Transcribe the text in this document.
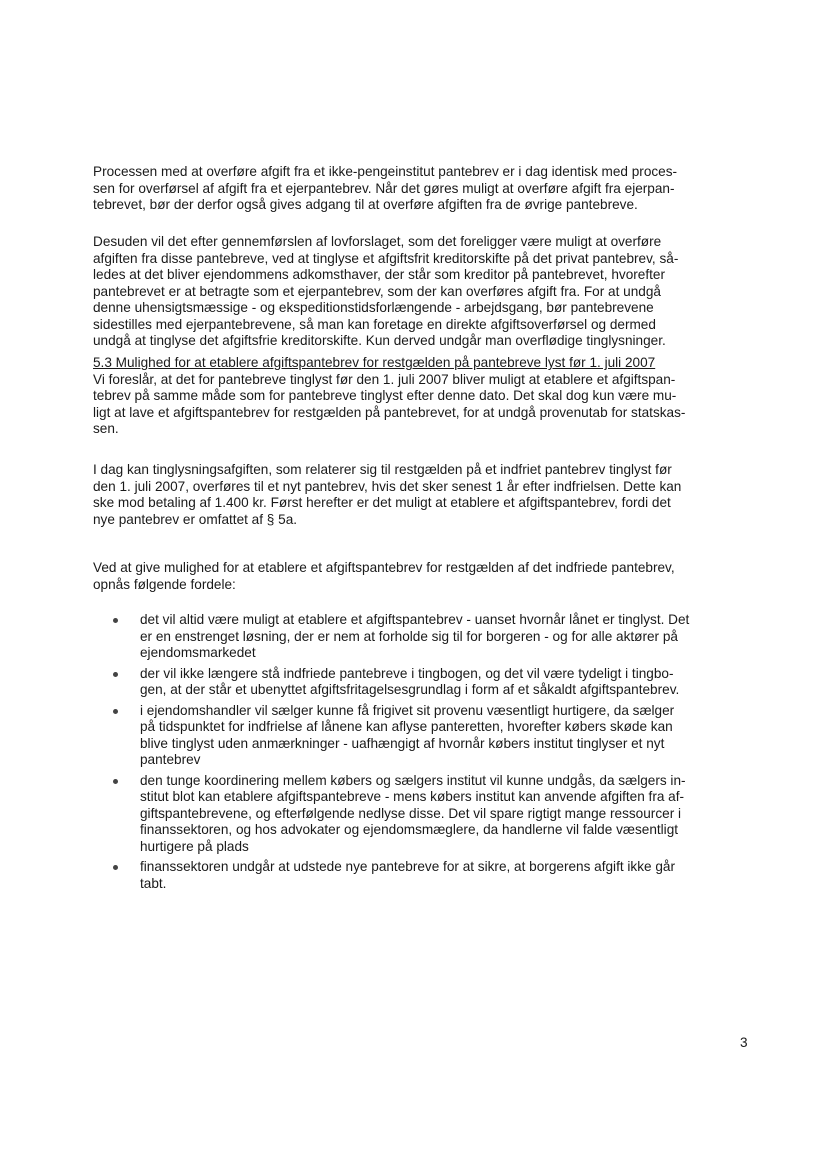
Processen med at overføre afgift fra et ikke-pengeinstitut pantebrev er i dag identisk med proces-
sen for overførsel af afgift fra et ejerpantebrev. Når det gøres muligt at overføre afgift fra ejerpan-
tebrevet, bør der derfor også gives adgang til at overføre afgiften fra de øvrige pantebreve.
Desuden vil det efter gennemførslen af lovforslaget, som det foreligger være muligt at overføre
afgiften fra disse pantebreve, ved at tinglyse et afgiftsfrit kreditorskifte på det privat pantebrev, så-
ledes at det bliver ejendommens adkomsthaver, der står som kreditor på pantebrevet, hvorefter
pantebrevet er at betragte som et ejerpantebrev, som der kan overføres afgift fra. For at undgå
denne uhensigtsmæssige - og ekspeditionstidsforlængende - arbejdsgang, bør pantebrevene
sidestilles med ejerpantebrevene, så man kan foretage en direkte afgiftsoverførsel og dermed
undgå at tinglyse det afgiftsfrie kreditorskifte. Kun derved undgår man overflødige tinglysninger.
5.3 Mulighed for at etablere afgiftspantebrev for restgælden på pantebreve lyst før 1. juli 2007
Vi foreslår, at det for pantebreve tinglyst før den 1. juli 2007 bliver muligt at etablere et afgiftspan-
tebrev på samme måde som for pantebreve tinglyst efter denne dato. Det skal dog kun være mu-
ligt at lave et afgiftspantebrev for restgælden på pantebrevet, for at undgå provenutab for statskas-
sen.
I dag kan tinglysningsafgiften, som relaterer sig til restgælden på et indfriet pantebrev tinglyst før
den 1. juli 2007, overføres til et nyt pantebrev, hvis det sker senest 1 år efter indfrielsen. Dette kan
ske mod betaling af 1.400 kr. Først herefter er det muligt at etablere et afgiftspantebrev, fordi det
nye pantebrev er omfattet af § 5a.
Ved at give mulighed for at etablere et afgiftspantebrev for restgælden af det indfriede pantebrev,
opnås følgende fordele:
det vil altid være muligt at etablere et afgiftspantebrev - uanset hvornår lånet er tinglyst. Det
er en enstrenget løsning, der er nem at forholde sig til for borgeren - og for alle aktører på
ejendomsmarkedet
der vil ikke længere stå indfriede pantebreve i tingbogen, og det vil være tydeligt i tingbo-
gen, at der står et ubenyttet afgiftsfritagelsesgrundlag i form af et såkaldt afgiftspantebrev.
i ejendomshandler vil sælger kunne få frigivet sit provenu væsentligt hurtigere, da sælger
på tidspunktet for indfrielse af lånene kan aflyse panteretten, hvorefter købers skøde kan
blive tinglyst uden anmærkninger - uafhængigt af hvornår købers institut tinglyser et nyt
pantebrev
den tunge koordinering mellem købers og sælgers institut vil kunne undgås, da sælgers in-
stitut blot kan etablere afgiftspantebreve - mens købers institut kan anvende afgiften fra af-
giftspantebrevene, og efterfølgende nedlyse disse. Det vil spare rigtigt mange ressourcer i
finanssektoren, og hos advokater og ejendomsmæglere, da handlerne vil falde væsentligt
hurtigere på plads
finanssektoren undgår at udstede nye pantebreve for at sikre, at borgerens afgift ikke går
tabt.
3
